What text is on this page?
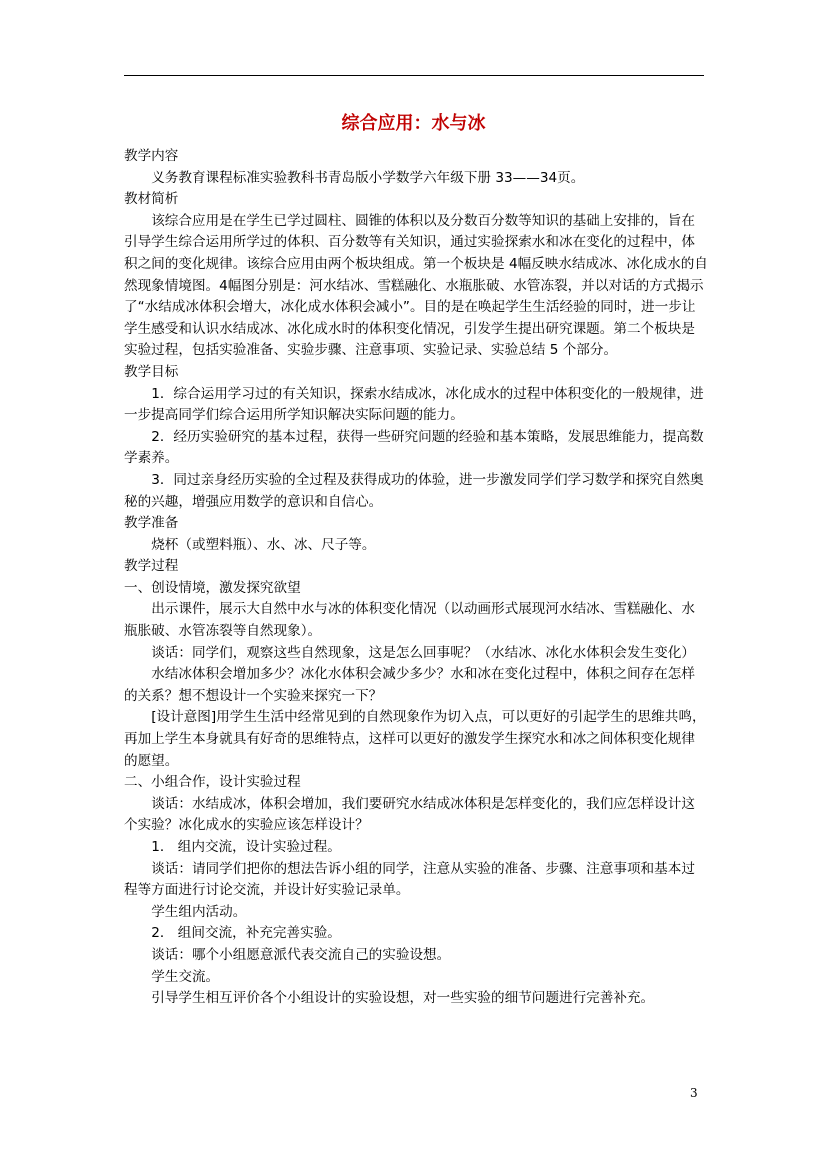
综合应用：水与冰

教学内容

义务教育课程标准实验教科书青岛版小学数学六年级下册 33——34页。

教材简析

该综合应用是在学生已学过圆柱、圆锥的体积以及分数百分数等知识的基础上安排的，旨在引导学生综合运用所学过的体积、百分数等有关知识，通过实验探索水和冰在变化的过程中，体积之间的变化规律。该综合应用由两个板块组成。第一个板块是 4幅反映水结成冰、冰化成水的自然现象情境图。4幅图分别是：河水结冰、雪糕融化、水瓶胀破、水管冻裂，并以对话的方式揭示了“水结成冰体积会增大，冰化成水体积会减小”。目的是在唤起学生生活经验的同时，进一步让学生感受和认识水结成冰、冰化成水时的体积变化情况，引发学生提出研究课题。第二个板块是实验过程，包括实验准备、实验步骤、注意事项、实验记录、实验总结 5 个部分。

教学目标

1．综合运用学习过的有关知识，探索水结成冰，冰化成水的过程中体积变化的一般规律，进一步提高同学们综合运用所学知识解决实际问题的能力。

2．经历实验研究的基本过程，获得一些研究问题的经验和基本策略，发展思维能力，提高数学素养。

3．同过亲身经历实验的全过程及获得成功的体验，进一步激发同学们学习数学和探究自然奥秘的兴趣，增强应用数学的意识和自信心。

教学准备

烧杯（或塑料瓶）、水、冰、尺子等。

教学过程

一、创设情境，激发探究欲望

出示课件，展示大自然中水与冰的体积变化情况（以动画形式展现河水结冰、雪糕融化、水瓶胀破、水管冻裂等自然现象）。

谈话：同学们，观察这些自然现象，这是怎么回事呢？（水结冰、冰化水体积会发生变化）

水结冰体积会增加多少？冰化水体积会减少多少？水和冰在变化过程中，体积之间存在怎样的关系？想不想设计一个实验来探究一下？

[设计意图]用学生生活中经常见到的自然现象作为切入点，可以更好的引起学生的思维共鸣，再加上学生本身就具有好奇的思维特点，这样可以更好的激发学生探究水和冰之间体积变化规律的愿望。

二、小组合作，设计实验过程

谈话：水结成冰，体积会增加，我们要研究水结成冰体积是怎样变化的，我们应怎样设计这个实验？冰化成水的实验应该怎样设计？

1． 组内交流，设计实验过程。

谈话：请同学们把你的想法告诉小组的同学，注意从实验的准备、步骤、注意事项和基本过程等方面进行讨论交流，并设计好实验记录单。

学生组内活动。

2． 组间交流，补充完善实验。

谈话：哪个小组愿意派代表交流自己的实验设想。

学生交流。

引导学生相互评价各个小组设计的实验设想，对一些实验的细节问题进行完善补充。

3
